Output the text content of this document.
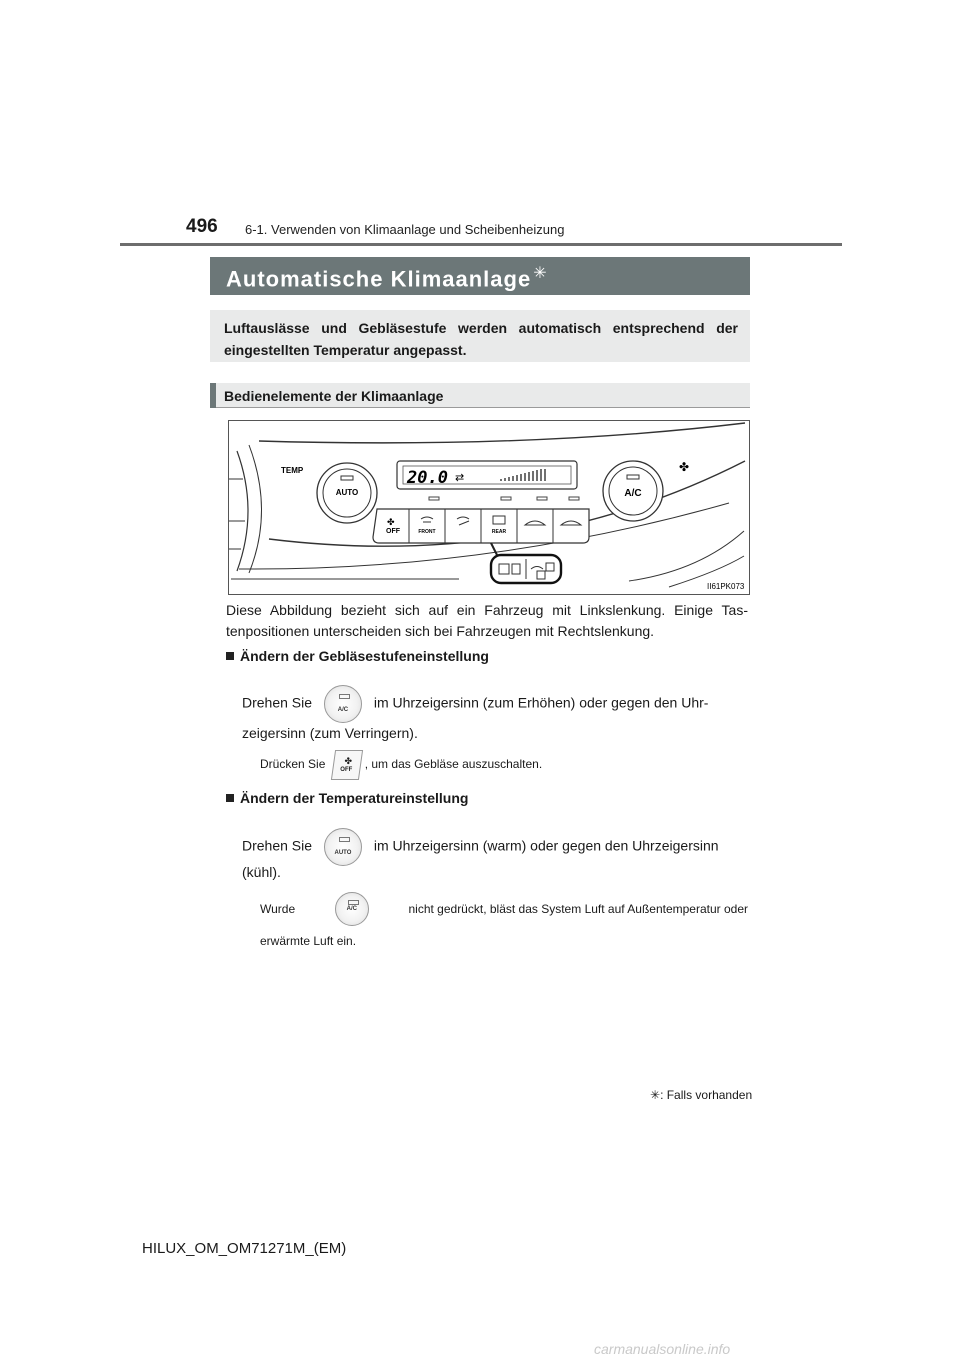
496 6-1. Verwenden von Klimaanlage und Scheibenheizung
Automatische Klimaanlage ✳
Luftauslässe und Gebläsestufe werden automatisch entsprechend der eingestellten Temperatur angepasst.
Bedienelemente der Klimaanlage
AUTO
TEMP
A/C
✤
20.0 ⇄
OFF	FRONT	REAR
✤
II61PK073
Diese Abbildung bezieht sich auf ein Fahrzeug mit Linkslenkung. Einige Tas- tenpositionen unterscheiden sich bei Fahrzeugen mit Rechtslenkung.
Ändern der Gebläsestufeneinstellung
Drehen Sie	A/C	im Uhrzeigersinn (zum Erhöhen) oder gegen den Uhr-
zeigersinn (zum Verringern).
Drücken Sie ✤
OFF	, um das Gebläse auszuschalten.
Ändern der Temperatureinstellung
Drehen Sie	AUTO	im Uhrzeigersinn (warm) oder gegen den Uhrzeigersinn
(kühl).
Wurde	A/C	nicht gedrückt, bläst das System Luft auf Außentemperatur oder
erwärmte Luft ein.
✳: Falls vorhanden
HILUX_OM_OM71271M_(EM)
carmanualsonline.info
